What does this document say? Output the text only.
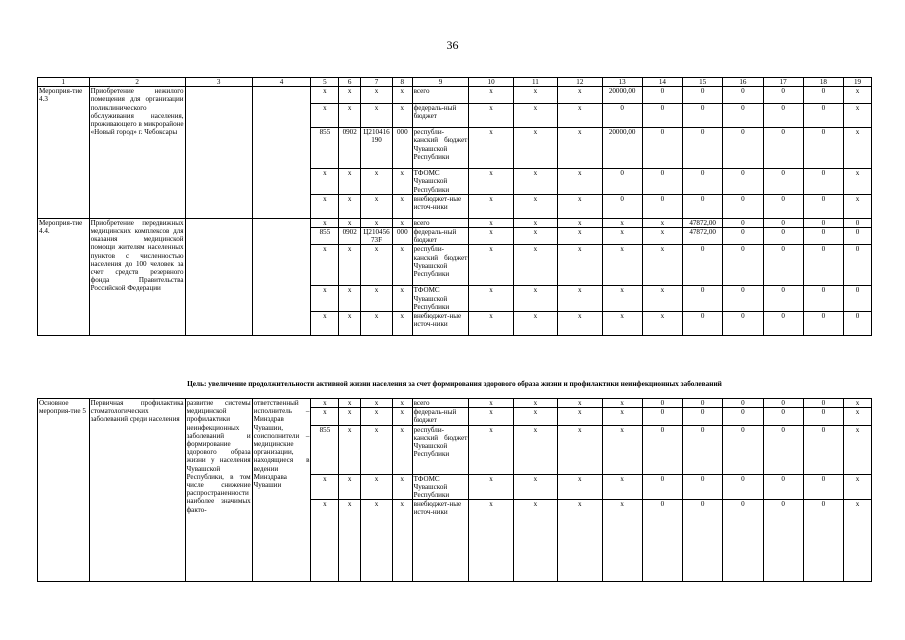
36
1	2	3	4	5	6	7	8	9	10	11	12	13	14	15	16	17	18	19
Мероприя-тие 4.3	Приобретение нежилого помещения для организации поликлинического обслуживания населения, проживающего в микрорайоне «Новый город» г. Чебоксары			x	x	x	x	всего	x	x	x	20000,00	0	0	0	0	0	x
				x	x	x	x	федераль-ный бюджет	x	x	x	0	0	0	0	0	0	x
				855	0902	Ц210416 190	000	республи-канский бюджет Чувашской Республики	x	x	x	20000,00	0	0	0	0	0	x
				x	x	x	x	ТФОМС Чувашской Республики	x	x	x	0	0	0	0	0	0	x
				x	x	x	x	внебюджет-ные источ-ники	x	x	x	0	0	0	0	0	0	x
Мероприя-тие 4.4.	Приобретение передвижных медицинских комплексов для оказания медицинской помощи жителям населенных пунктов с численностью населения до 100 человек за счет средств резервного фонда Правительства Российской Федерации			x	x	x	x	всего	x	x	x	x	x	47872,00	0	0	0	0
				855	0902	Ц210456 73F	000	федераль-ный бюджет	x	x	x	x	x	47872,00	0	0	0	0
				x	x	x	x	республи-канский бюджет Чувашской Республики	x	x	x	x	x	0	0	0	0	0
				x	x	x	x	ТФОМС Чувашской Республики	x	x	x	x	x	0	0	0	0	0
				x	x	x	x	внебюджет-ные источ-ники	x	x	x	x	x	0	0	0	0	0
Цель: увеличение продолжительности активной жизни населения за счет формирования здорового образа жизни и профилактики неинфекционных заболеваний
Основное мероприя-тие 5	Первичная профилактика стоматологических заболеваний среди населения	развитие системы медицинской профилактики неинфекционных заболеваний и формирование здорового образа жизни у населения Чувашской Республики, в том числе снижение распространенности наиболее значимых факто-	ответственный исполнитель – Минздрав Чувашии, соисполнители – медицинские организации, находящиеся в ведении Минздрава Чувашии	x	x	x	x	всего	x	x	x	x	0	0	0	0	0	x
				x	x	x	x	федераль-ный бюджет	x	x	x	x	0	0	0	0	0	x
				855	x	x	x	республи-канский бюджет Чувашской Республики	x	x	x	x	0	0	0	0	0	x
				x	x	x	x	ТФОМС Чувашской Республики	x	x	x	x	0	0	0	0	0	x
				x	x	x	x	внебюджет-ные источ-ники	x	x	x	x	0	0	0	0	0	x
